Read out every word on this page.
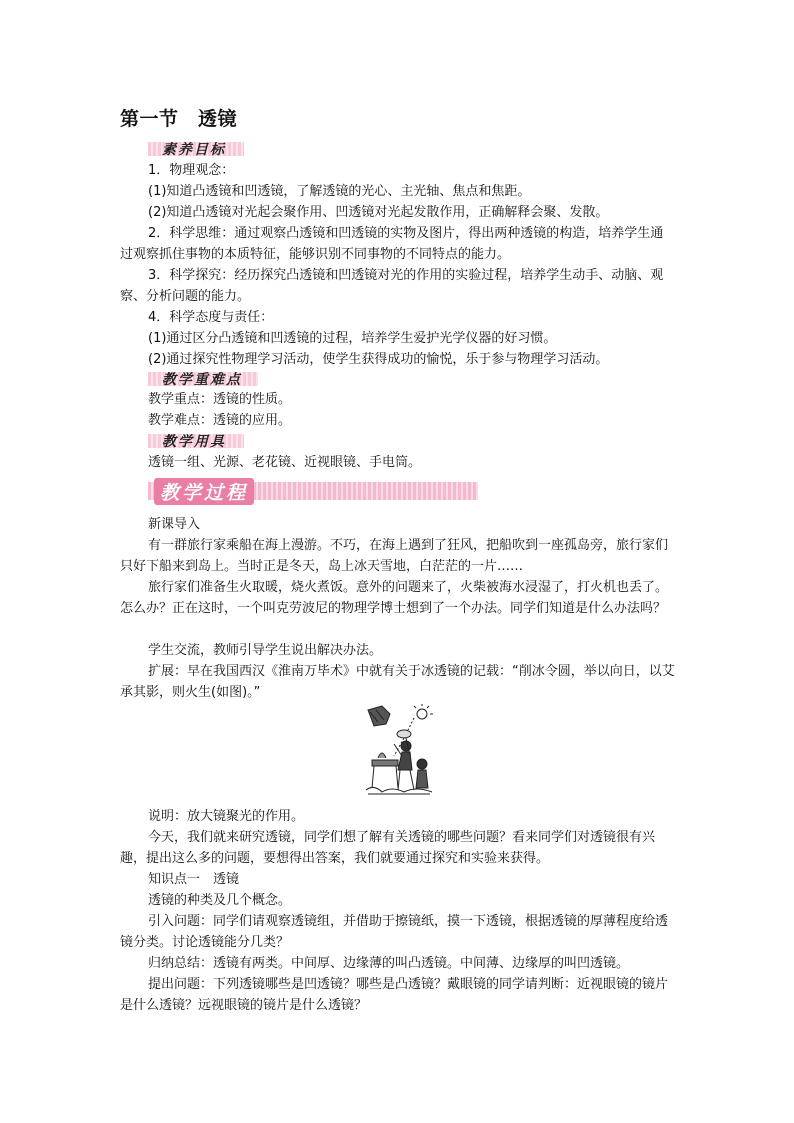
第一节　透镜
素养目标
1．物理观念：
(1)知道凸透镜和凹透镜，了解透镜的光心、主光轴、焦点和焦距。
(2)知道凸透镜对光起会聚作用、凹透镜对光起发散作用，正确解释会聚、发散。
2．科学思维：通过观察凸透镜和凹透镜的实物及图片，得出两种透镜的构造，培养学生通过观察抓住事物的本质特征，能够识别不同事物的不同特点的能力。
3．科学探究：经历探究凸透镜和凹透镜对光的作用的实验过程，培养学生动手、动脑、观察、分析问题的能力。
4．科学态度与责任：
(1)通过区分凸透镜和凹透镜的过程，培养学生爱护光学仪器的好习惯。
(2)通过探究性物理学习活动，使学生获得成功的愉悦，乐于参与物理学习活动。
教学重难点
教学重点：透镜的性质。
教学难点：透镜的应用。
教学用具
透镜一组、光源、老花镜、近视眼镜、手电筒。
教学过程
新课导入
有一群旅行家乘船在海上漫游。不巧，在海上遇到了狂风，把船吹到一座孤岛旁，旅行家们只好下船来到岛上。当时正是冬天，岛上冰天雪地，白茫茫的一片……
旅行家们准备生火取暖，烧火煮饭。意外的问题来了，火柴被海水浸湿了，打火机也丢了。怎么办？正在这时，一个叫克劳波尼的物理学博士想到了一个办法。同学们知道是什么办法吗？
学生交流，教师引导学生说出解决办法。
扩展：早在我国西汉《淮南万毕术》中就有关于冰透镜的记载：“削冰令圆，举以向日，以艾承其影，则火生(如图)。”
说明：放大镜聚光的作用。
今天，我们就来研究透镜，同学们想了解有关透镜的哪些问题？看来同学们对透镜很有兴趣，提出这么多的问题，要想得出答案，我们就要通过探究和实验来获得。
知识点一　透镜
透镜的种类及几个概念。
引入问题：同学们请观察透镜组，并借助于擦镜纸，摸一下透镜，根据透镜的厚薄程度给透镜分类。讨论透镜能分几类？
归纳总结：透镜有两类。中间厚、边缘薄的叫凸透镜。中间薄、边缘厚的叫凹透镜。
提出问题：下列透镜哪些是凹透镜？哪些是凸透镜？戴眼镜的同学请判断：近视眼镜的镜片是什么透镜？远视眼镜的镜片是什么透镜？
